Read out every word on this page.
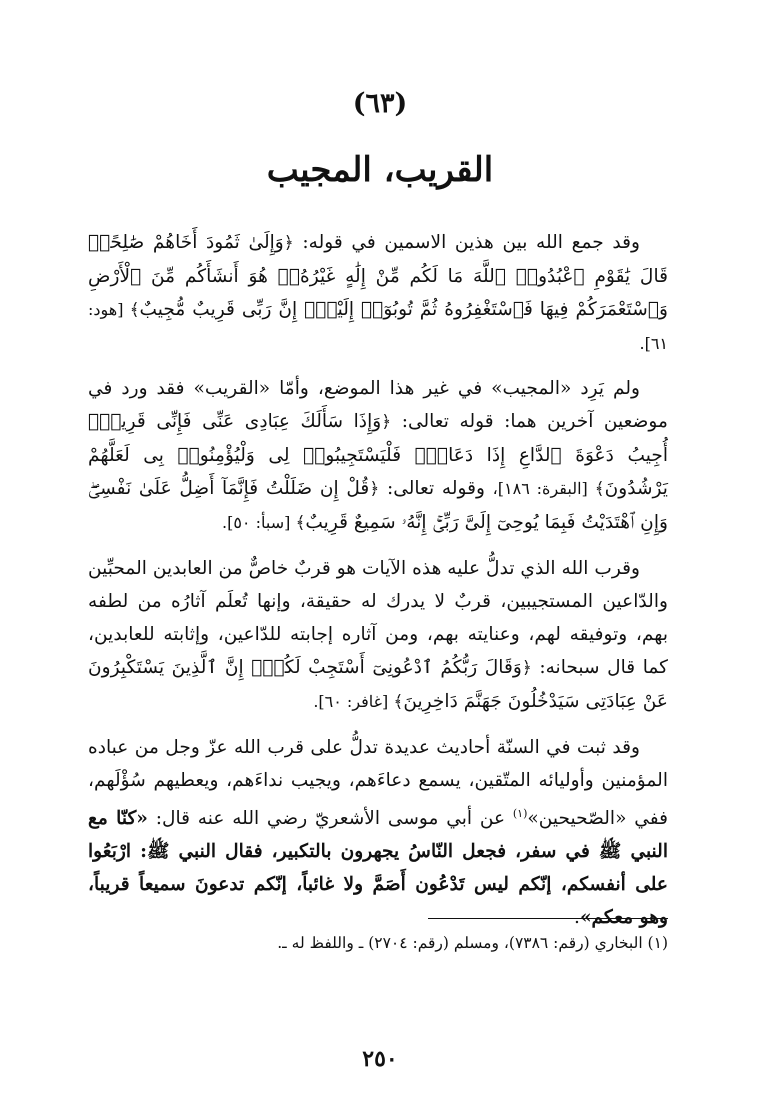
(٦٣)
القريب، المجيب

وقد جمع الله بين هذين الاسمين في قوله: ﴿وَإِلَىٰ ثَمُودَ أَخَاهُمْ صَٰلِحًاۚ قَالَ يَٰقَوْمِ ٱعْبُدُوا۟ ٱللَّهَ مَا لَكُم مِّنْ إِلَٰهٍ غَيْرُهُۥۖ هُوَ أَنشَأَكُم مِّنَ ٱلْأَرْضِ وَٱسْتَعْمَرَكُمْ فِيهَا فَٱسْتَغْفِرُوهُ ثُمَّ تُوبُوٓا۟ إِلَيْهِۚ إِنَّ رَبِّى قَرِيبٌ مُّجِيبٌ﴾ [هود: ٦١].

ولم يَرِد «المجيب» في غير هذا الموضع، وأمّا «القريب» فقد ورد في موضعين آخرين هما: قوله تعالى: ﴿وَإِذَا سَأَلَكَ عِبَادِى عَنِّى فَإِنِّى قَرِيبٌۖ أُجِيبُ دَعْوَةَ ٱلدَّاعِ إِذَا دَعَانِۖ فَلْيَسْتَجِيبُوا۟ لِى وَلْيُؤْمِنُوا۟ بِى لَعَلَّهُمْ يَرْشُدُونَ﴾ [البقرة: ١٨٦]، وقوله تعالى: ﴿قُلْ إِن ضَلَلْتُ فَإِنَّمَآ أَضِلُّ عَلَىٰ نَفْسِىۖ وَإِنِ ٱهْتَدَيْتُ فَبِمَا يُوحِىٓ إِلَىَّ رَبِّىٓۚ إِنَّهُۥ سَمِيعٌ قَرِيبٌ﴾ [سبأ: ٥٠].

وقرب الله الذي تدلُّ عليه هذه الآيات هو قربٌ خاصٌّ من العابدين المحبِّين والدّاعين المستجيبين، قربٌ لا يدرك له حقيقة، وإنها تُعلَم آثارُه من لطفه بهم، وتوفيقه لهم، وعنايته بهم، ومن آثاره إجابته للدّاعين، وإثابته للعابدين، كما قال سبحانه: ﴿وَقَالَ رَبُّكُمُ ٱدْعُونِىٓ أَسْتَجِبْ لَكُمْۚ إِنَّ ٱلَّذِينَ يَسْتَكْبِرُونَ عَنْ عِبَادَتِى سَيَدْخُلُونَ جَهَنَّمَ دَاخِرِينَ﴾ [غافر: ٦٠].

وقد ثبت في السنّة أحاديث عديدة تدلُّ على قرب الله عزّ وجل من عباده المؤمنين وأوليائه المتّقين، يسمع دعاءَهم، ويجيب نداءَهم، ويعطيهم سُؤْلَهم، ففي «الصّحيحين»$^{(١)}$ عن أبي موسى الأشعريّ رضي الله عنه قال: «كنّا مع النبي ﷺ في سفر، فجعل النّاسُ يجهرون بالتكبير، فقال النبي ﷺ: ارْبَعُوا على أنفسكم، إنّكم ليس تَدْعُون أَصَمَّ ولا غائباً، إنّكم تدعونَ سميعاً قريباً، وهو معكم».

(١) البخاري (رقم: ٧٣٨٦)، ومسلم (رقم: ٢٧٠٤) ـ واللفظ له ـ.
٢٥٠
